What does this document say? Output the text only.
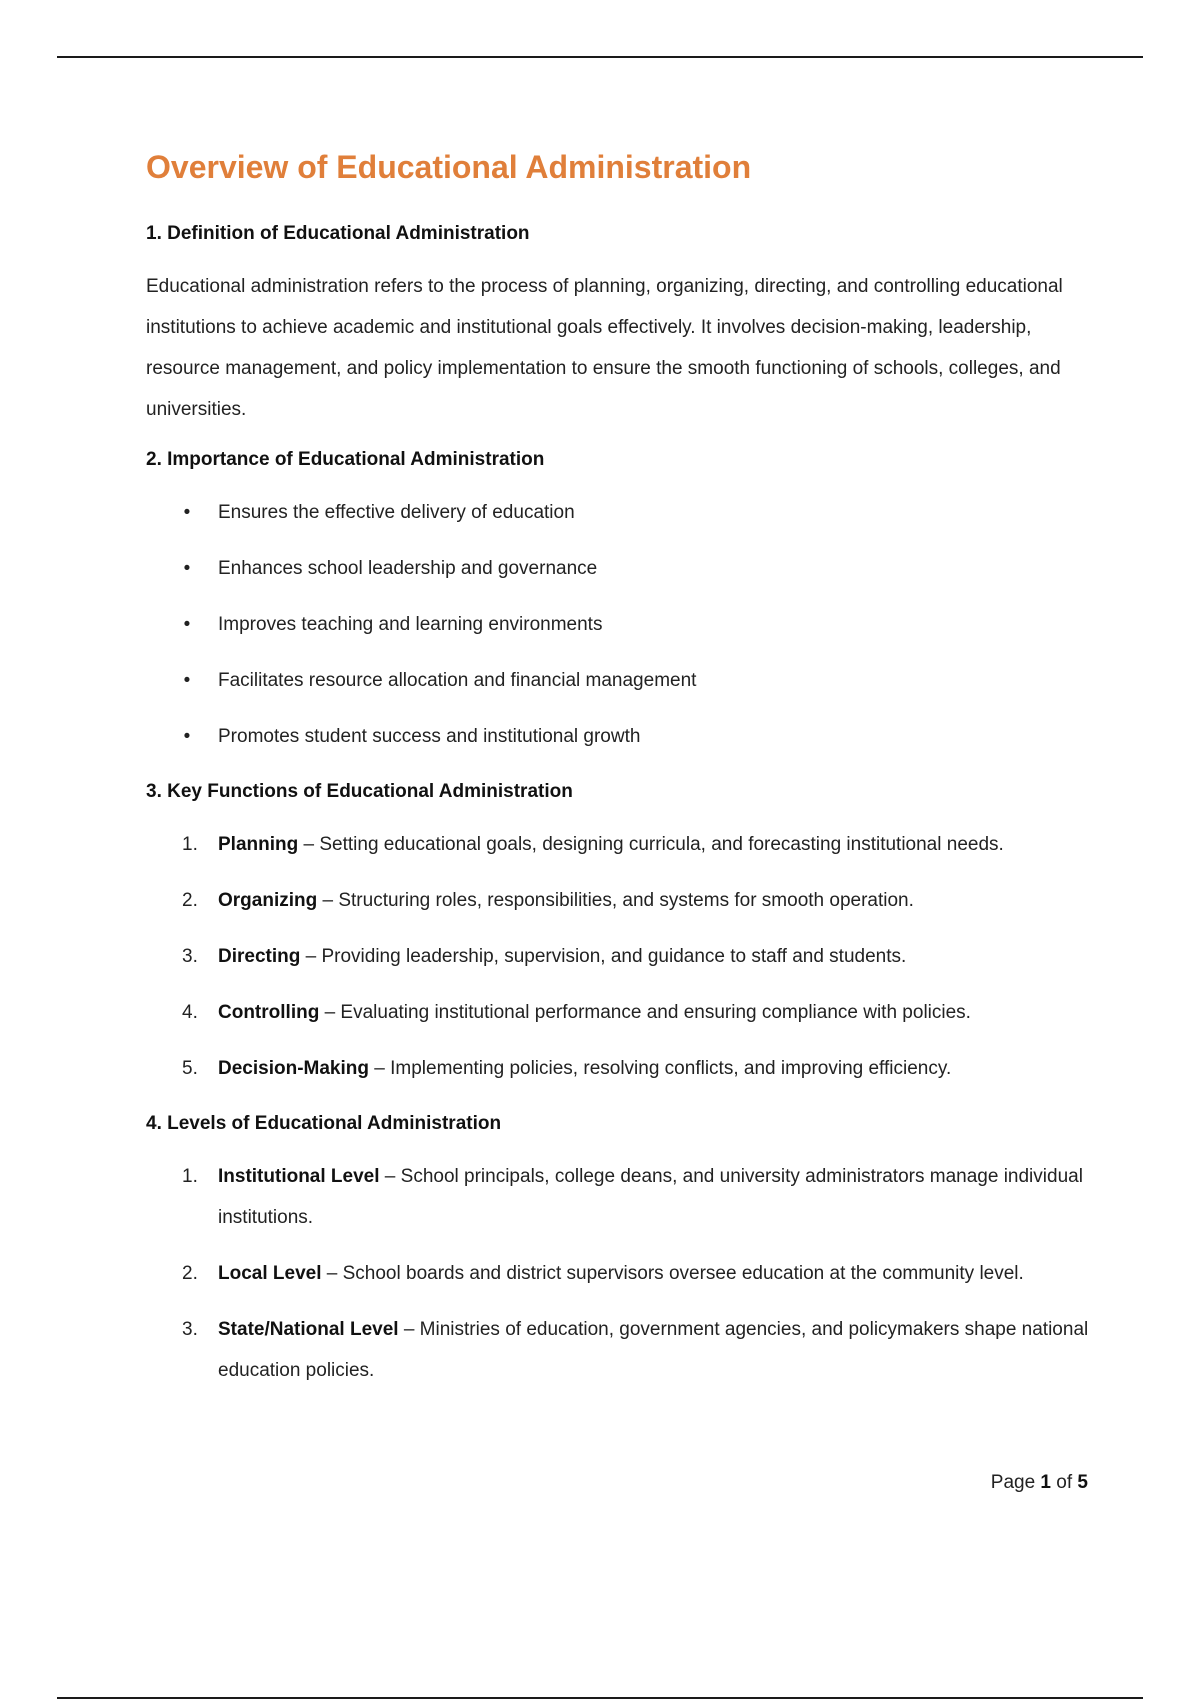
Overview of Educational Administration
1. Definition of Educational Administration

Educational administration refers to the process of planning, organizing, directing, and controlling educational institutions to achieve academic and institutional goals effectively. It involves decision-making, leadership, resource management, and policy implementation to ensure the smooth functioning of schools, colleges, and universities.

2. Importance of Educational Administration
• Ensures the effective delivery of education
• Enhances school leadership and governance
• Improves teaching and learning environments
• Facilitates resource allocation and financial management
• Promotes student success and institutional growth
3. Key Functions of Educational Administration
1. Planning – Setting educational goals, designing curricula, and forecasting institutional needs.
2. Organizing – Structuring roles, responsibilities, and systems for smooth operation.
3. Directing – Providing leadership, supervision, and guidance to staff and students.
4. Controlling – Evaluating institutional performance and ensuring compliance with policies.
5. Decision-Making – Implementing policies, resolving conflicts, and improving efficiency.
4. Levels of Educational Administration
1. Institutional Level – School principals, college deans, and university administrators manage individual institutions.
2. Local Level – School boards and district supervisors oversee education at the community level.
3. State/National Level – Ministries of education, government agencies, and policymakers shape national education policies.
Page 1 of 5
